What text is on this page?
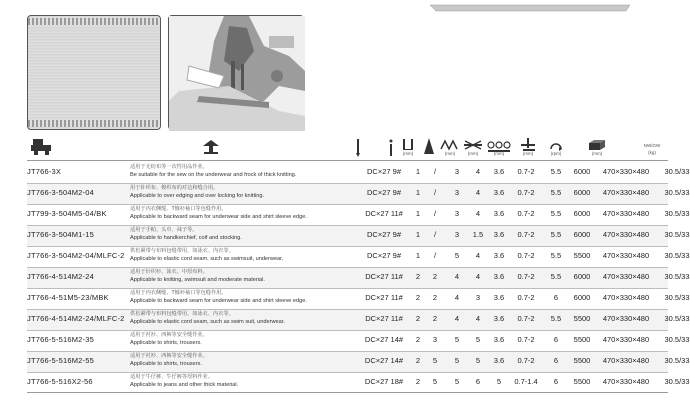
(mm)	(mm)	(mm)	(mm)	(mm)	(rpm)	(mm)
NW/GW
(kg)
JT766-3X	适用于无纺布等一次性用品作业。
Be suitable for the sew on the underwear and frock of thick knitting.	DC×27 9# 1 /	3 4 3.6 0.7-2 5.5 6000 470×330×480 30.5/33
JT766-3-504M2-04	用于针织布、梭织布的对边和缝合用。
Applicable to over edging and over locking for knitting.	DC×27 9# 1 /	3 4 3.6 0.7-2 5.5 6000 470×330×480 30.5/33
JT799-3-504M5-04/BK	适用于内衣侧缝、T恤衫袖口等包缝作用。
Applicable to backward seam for underwear side and shirt sleeve edge.	DC×27 11# 1 /	3 4 3.6 0.7-2 5.5 6000 470×330×480 30.5/33
JT766-3-504M1-15	适用于手帕、头巾、袜子等。
Applicable to handkerchief, coif and stocking.	DC×27 9# 1 /	3 1.5 3.6 0.7-2 5.5 6000 470×330×480 30.5/33
JT766-3-504M2-04/MLFC-2 供松紧带与布料包缝带用，如泳衣、内衣等。
Applicable to elastic cord seam, such as swimsuit, underwear.	DC×27 9# 1 /	5 4 3.6 0.7-2 5.5 5500 470×330×480 30.5/33
JT766-4-514M2-24	适用于针织衫、泳衣、中厚布料。
Applicable to knitting, swimsuit and moderate material.	DC×27 11# 2 2 4 4 3.6 0.7-2 5.5 6000 470×330×480 30.5/33
JT766-4-51M5-23/MBK	适用于内衣侧缝、T恤衫袖口等包缝作用。
Applicable to backward seam for underwear side and shirt sleeve edge.	DC×27 11# 2 2 4 3 3.6 0.7-2	6 6000 470×330×480 30.5/33
JT766-4-514M2-24/MLFC-2 供松紧带与布料包缝带用，如泳衣、内衣等。
Applicable to elastic cord seam, such as swim suit, underwear.	DC×27 11# 2 2 4 4 3.6 0.7-2 5.5 5500 470×330×480 30.5/33
JT766-5-516M2-35	适用于衬衫、西裤等安全缝作业。
Applicable to shirts, trousers.	DC×27 14# 2 3 5 5 3.6 0.7-2	6 5500 470×330×480 30.5/33
JT766-5-516M2-55	适用于衬衫、西裤等安全缝作业。
Applicable to shirts, trousers.	DC×27 14# 2 5 5 5 3.6 0.7-2	6 5500 470×330×480 30.5/33
JT766-5-516X2-56	适用于牛仔裤、牛仔裤等厚料作业。
Applicable to jeans and other thick material.	DC×27 18# 2 5 5 6 5 0.7-1.4 6 5500 470×330×480 30.5/33
